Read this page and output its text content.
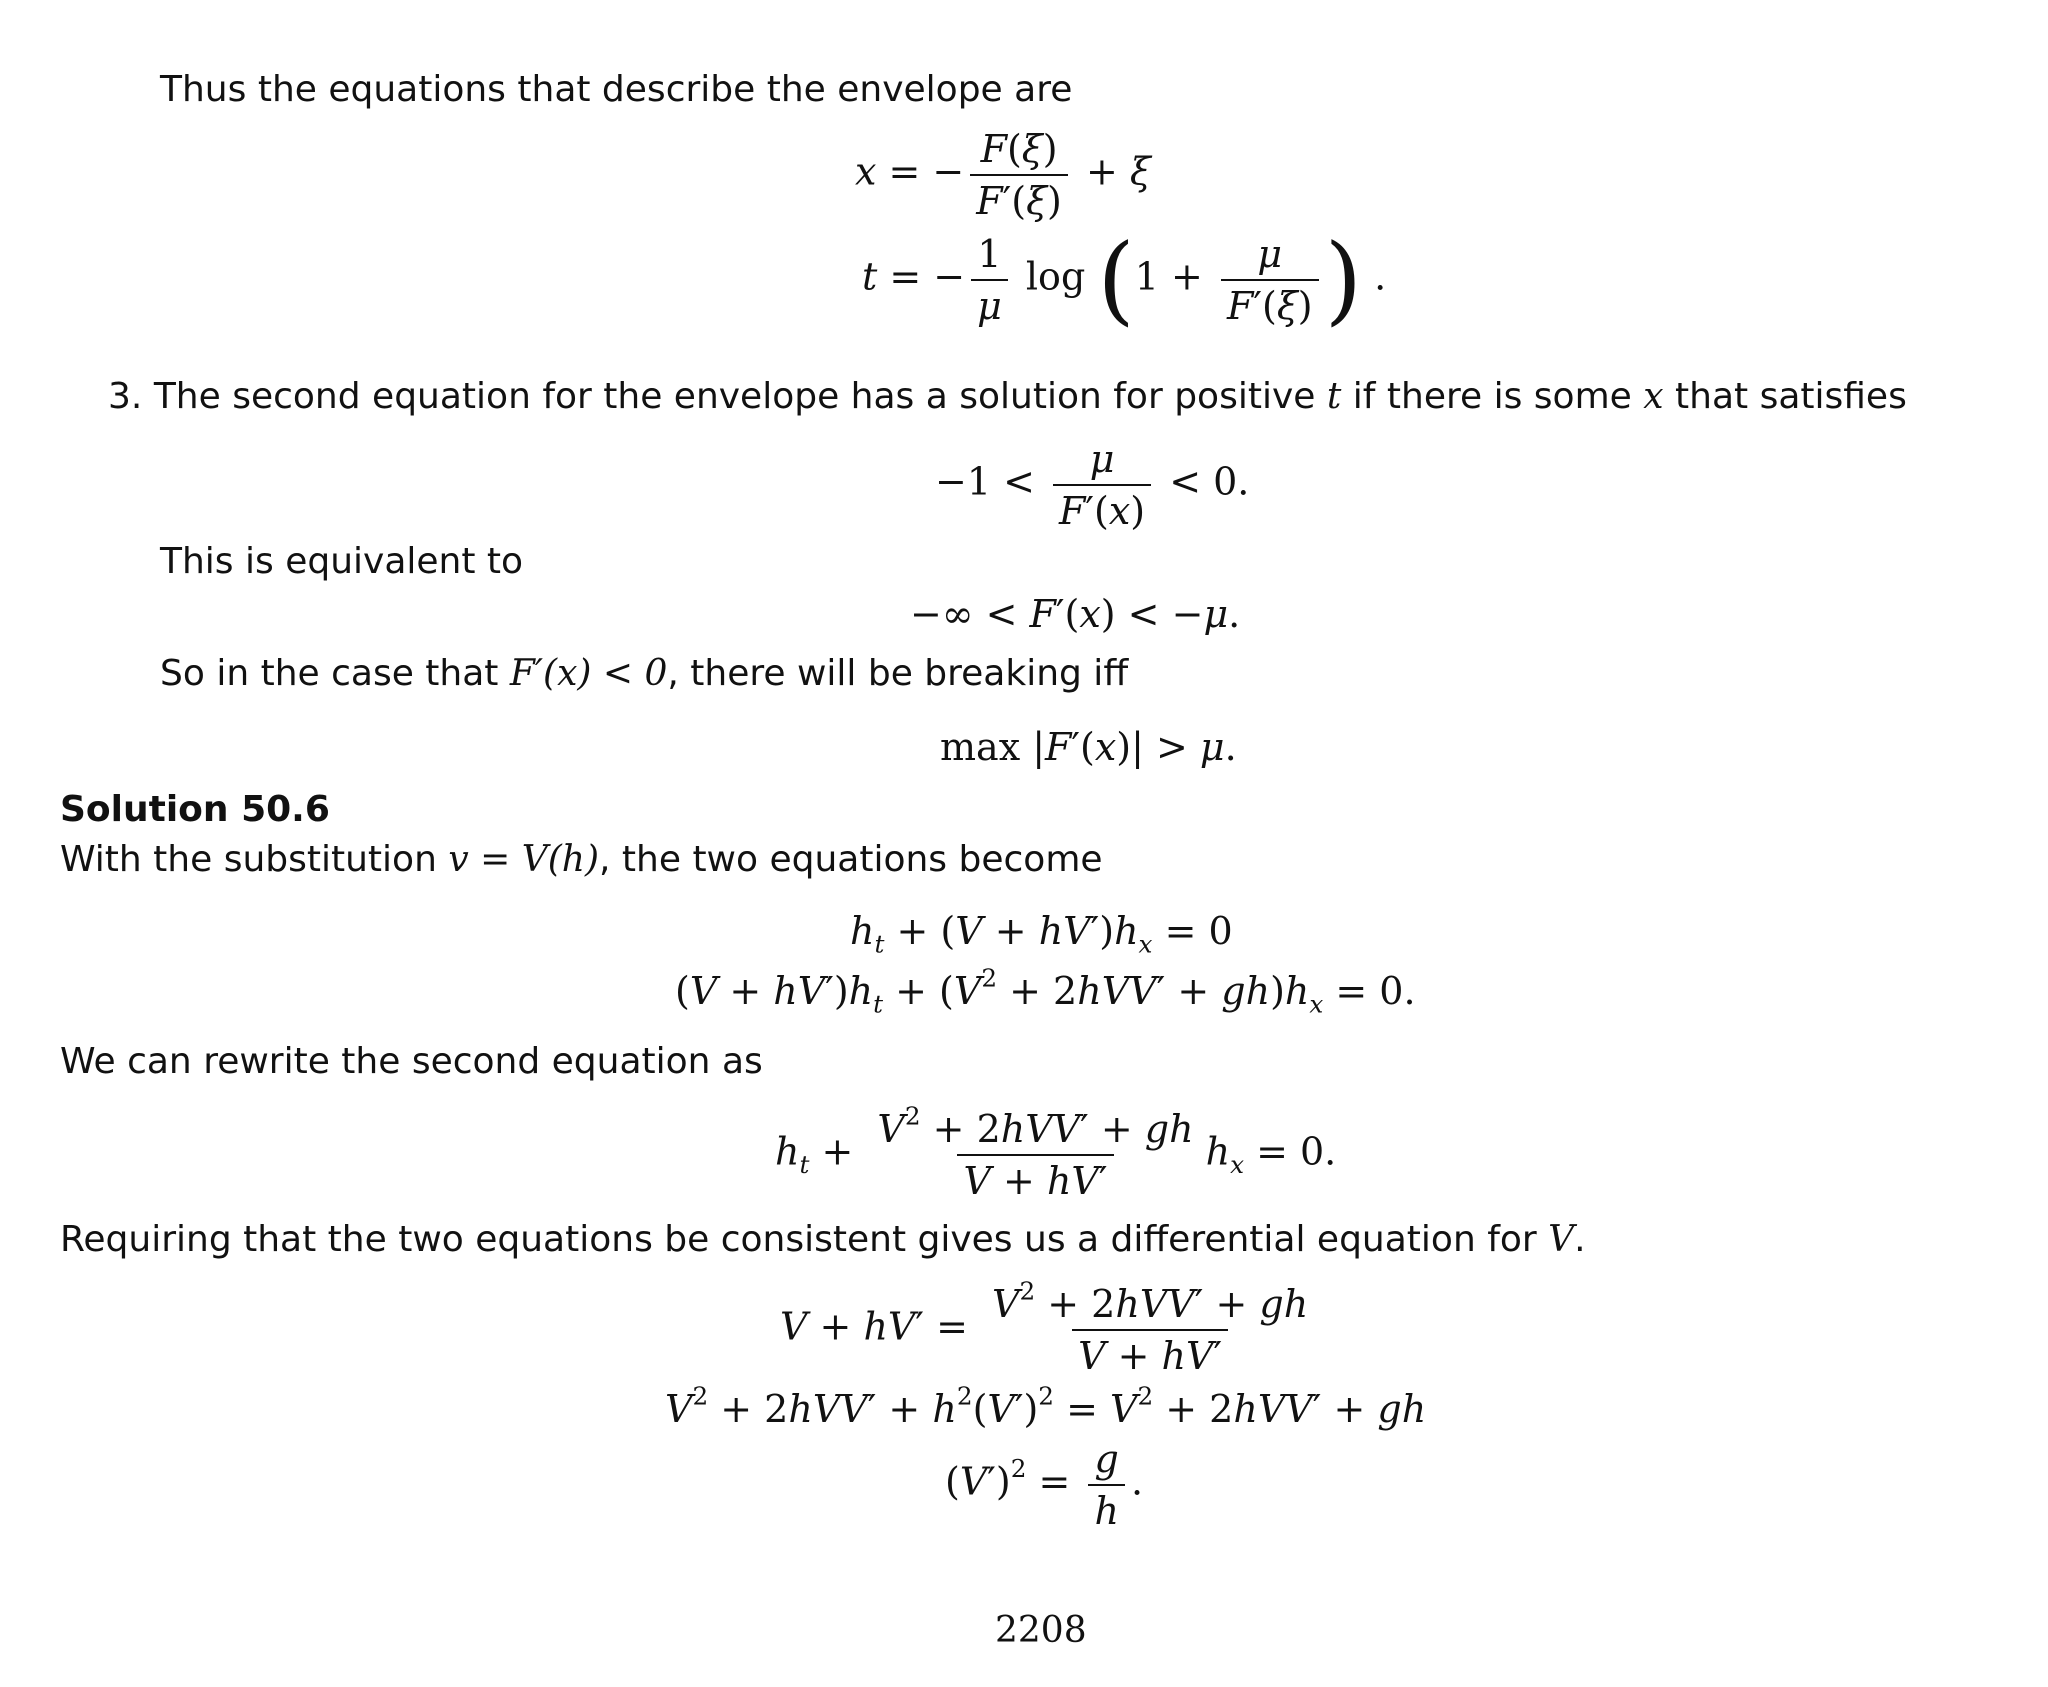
Thus the equations that describe the envelope are
x = − $\frac{F(\xi)}{F'(\xi)} + \xi$
t = − $\frac{1}{\mu}$ $\log (1 + \frac{\mu}{F'(\xi)}$ ) .
3. The second equation for the envelope has a solution for positive t if there is some x that satisfies
$-1 < \frac{\mu}{F'(x)} < 0$.
This is equivalent to
−∞ < F′(x) < −μ.
So in the case that F′(x) < 0, there will be breaking iff
max |F′(x)| > μ.
Solution 50.6
With the substitution v = V(h), the two equations become
$h_t + (V + hV')h_x = 0$
$(V + hV')h_t + (V^2 + 2hVV' + gh)h_x = 0$.
We can rewrite the second equation as
$h_t + \frac{V^2 + 2hVV' + gh}{V + hV'} h_x = 0$.
Requiring that the two equations be consistent gives us a differential equation for V.
$V + hV' = \frac{V^2 + 2hVV' + gh}{V + hV'}$
$V^2 + 2hVV' + h^2(V')^2 = V^2 + 2hVV'$ + gh
$(V')^2 = \frac{g}{h}$ .
2208
